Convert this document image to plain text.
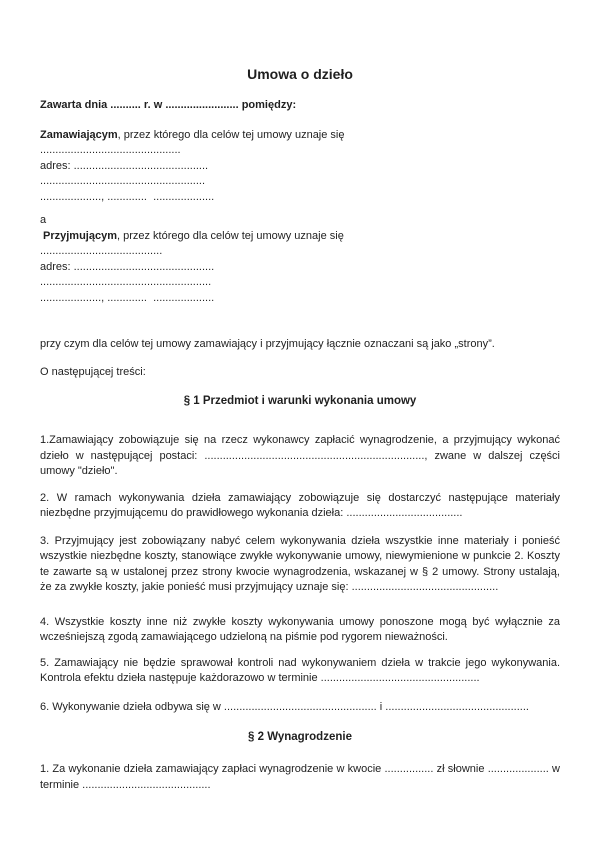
Umowa o dzieło

Zawarta dnia .......... r. w ........................ pomiędzy:

Zamawiającym, przez którego dla celów tej umowy uznaje się

..............................................

adres: ............................................

......................................................

...................., .............  ....................

a

Przyjmującym, przez którego dla celów tej umowy uznaje się

........................................

adres: ..............................................

........................................................

...................., .............  ....................

przy czym dla celów tej umowy zamawiający i przyjmujący łącznie oznaczani są jako „strony”.

O następującej treści:

§ 1 Przedmiot i warunki wykonania umowy

1.Zamawiający zobowiązuje się na rzecz wykonawcy zapłacić wynagrodzenie, a przyjmujący wykonać dzieło w następującej postaci: ........................................................................, zwane w dalszej części umowy "dzieło".

2. W ramach wykonywania dzieła zamawiający zobowiązuje się dostarczyć następujące materiały niezbędne przyjmującemu do prawidłowego wykonania dzieła: ......................................

3. Przyjmujący jest zobowiązany nabyć celem wykonywania dzieła wszystkie inne materiały i ponieść wszystkie niezbędne koszty, stanowiące zwykłe wykonywanie umowy, niewymienione w punkcie 2. Koszty te zawarte są w ustalonej przez strony kwocie wynagrodzenia, wskazanej w § 2 umowy. Strony ustalają, że za zwykłe koszty, jakie ponieść musi przyjmujący uznaje się: ................................................

4. Wszystkie koszty inne niż zwykłe koszty wykonywania umowy ponoszone mogą być wyłącznie za wcześniejszą zgodą zamawiającego udzieloną na piśmie pod rygorem nieważności.

5. Zamawiający nie będzie sprawował kontroli nad wykonywaniem dzieła w trakcie jego wykonywania. Kontrola efektu dzieła następuje każdorazowo w terminie ....................................................

6. Wykonywanie dzieła odbywa się w .................................................. i ...............................................

§ 2 Wynagrodzenie

1. Za wykonanie dzieła zamawiający zapłaci wynagrodzenie w kwocie ................ zł słownie .................... w terminie ..........................................
